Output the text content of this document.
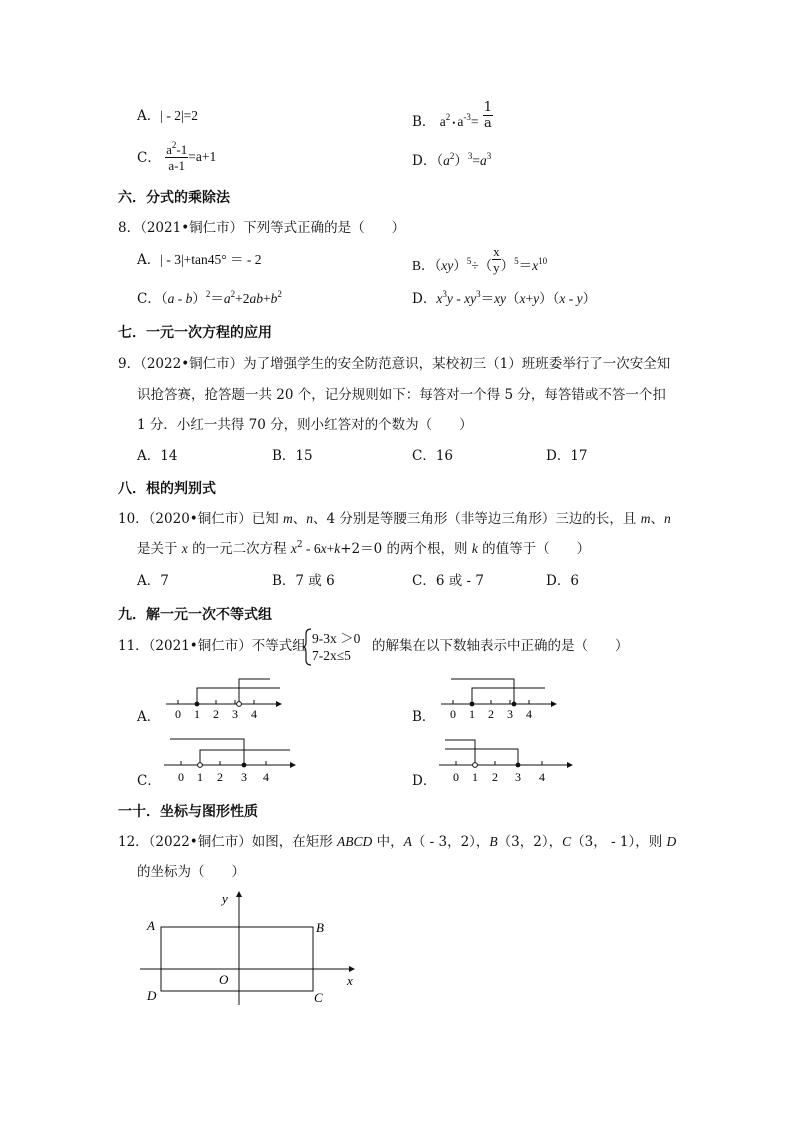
A．| - 2|=2	B． $a^2•$ $a^{-3}= \frac{1}{a}$
C． $\frac{a^2-1}{a-1} =a+1$	D．$(a^2)^3=a^3$
六．分式的乘除法
8．（2021•铜仁市）下列等式正确的是（　　）
A．| - 3|+tan45° ＝ - 2	B．$(xy)^5\div( \frac{x}{y} )^5=x^{10}$
C．$(a - b)^2=a^2+2ab+b^2$	D．$x^3y - xy^3=xy(x+y)(x - y)$
七．一元一次方程的应用
9．（2022•铜仁市）为了增强学生的安全防范意识，某校初三（1）班班委举行了一次安全知
识抢答赛，抢答题一共 20 个，记分规则如下：每答对一个得 5 分，每答错或不答一个扣
1 分．小红一共得 70 分，则小红答对的个数为（　　）
A．14	B．15	C．16	D．17
八．根的判别式
10．（2020•铜仁市）已知 m、n、4 分别是等腰三角形（非等边三角形）三边的长，且 m、n
是关于 x 的一元二次方程 $x^2 - 6x+k+2=0$ 的两个根，则 k 的值等于（　　）
A．7	B．7 或 6	C．6 或 - 7	D．6
九．解一元一次不等式组
11．（2021•铜仁市）不等式组 9-3x ＞0
7-2x≤5
的解集在以下数轴表示中正确的是（　　）
A． 0 1 2 3 4	B． 0 1 2 3 4
C． 0 1 2 3 4	D． 0 1 2 3 4
一十．坐标与图形性质
12．（2022•铜仁市）如图，在矩形 ABCD 中，A（ - 3，2），B（3，2），C（3， - 1），则 D
的坐标为（　　）
y
x
O
A	B
C
D
